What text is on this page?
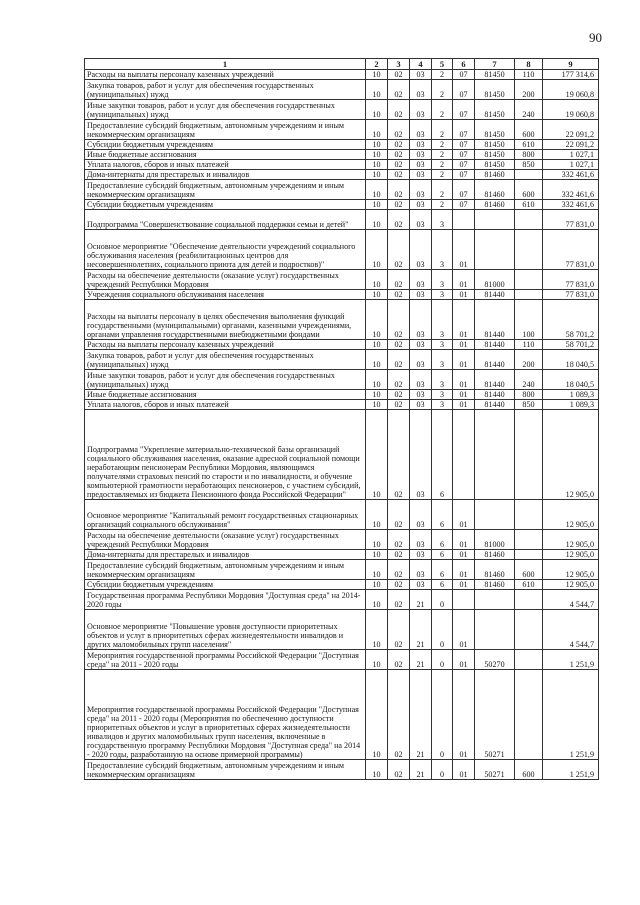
90
1	2	3	4	5	6	7	8	9
Расходы на выплаты персоналу казенных учреждений	10	02	03	2	07	81450	110	177 314,6
Закупка товаров, работ и услуг для обеспечения государственных (муниципальных) нужд	10	02	03	2	07	81450	200	19 060,8
Иные закупки товаров, работ и услуг для обеспечения государственных (муниципальных) нужд	10	02	03	2	07	81450	240	19 060,8
Предоставление субсидий бюджетным, автономным учреждениям и иным некоммерческим организациям	10	02	03	2	07	81450	600	22 091,2
Субсидии бюджетным учреждениям	10	02	03	2	07	81450	610	22 091,2
Иные бюджетные ассигнования	10	02	03	2	07	81450	800	1 027,1
Уплата налогов, сборов и иных платежей	10	02	03	2	07	81450	850	1 027,1
Дома-интернаты для престарелых и инвалидов	10	02	03	2	07	81460		332 461,6
Предоставление субсидий бюджетным, автономным учреждениям и иным некоммерческим организациям	10	02	03	2	07	81460	600	332 461,6
Субсидии бюджетным учреждениям	10	02	03	2	07	81460	610	332 461,6
Подпрограмма "Совершенствование социальной поддержки семьи и детей"	10	02	03	3				77 831,0
Основное мероприятие "Обеспечение деятельности учреждений социального обслуживания населения (реабилитационных центров для несовершеннолетних, социального приюта для детей и подростков)"	10	02	03	3	01			77 831,0
Расходы на обеспечение деятельности (оказание услуг) государственных учреждений Республики Мордовия	10	02	03	3	01	81000		77 831,0
Учреждения социального обслуживания населения	10	02	03	3	01	81440		77 831,0
Расходы на выплаты персоналу в целях обеспечения выполнения функций государственными (муниципальными) органами, казенными учреждениями, органами управления государственными внебюджетными фондами	10	02	03	3	01	81440	100	58 701,2
Расходы на выплаты персоналу казенных учреждений	10	02	03	3	01	81440	110	58 701,2
Закупка товаров, работ и услуг для обеспечения государственных (муниципальных) нужд	10	02	03	3	01	81440	200	18 040,5
Иные закупки товаров, работ и услуг для обеспечения государственных (муниципальных) нужд	10	02	03	3	01	81440	240	18 040,5
Иные бюджетные ассигнования	10	02	03	3	01	81440	800	1 089,3
Уплата налогов, сборов и иных платежей	10	02	03	3	01	81440	850	1 089,3
Подпрограмма "Укрепление материально-технической базы организаций социального обслуживания населения, оказание адресной социальной помощи неработающим пенсионерам Республики Мордовия, являющимся получателями страховых пенсий по старости и по инвалидности, и обучение компьютерной грамотности неработающих пенсионеров, с участием субсидий, предоставляемых из бюджета Пенсионного фонда Российской Федерации"	10	02	03	6				12 905,0
Основное мероприятие "Капитальный ремонт государственных стационарных организаций социального обслуживания"	10	02	03	6	01			12 905,0
Расходы на обеспечение деятельности (оказание услуг) государственных учреждений Республики Мордовия	10	02	03	6	01	81000		12 905,0
Дома-интернаты для престарелых и инвалидов	10	02	03	6	01	81460		12 905,0
Предоставление субсидий бюджетным, автономным учреждениям и иным некоммерческим организациям	10	02	03	6	01	81460	600	12 905,0
Субсидии бюджетным учреждениям	10	02	03	6	01	81460	610	12 905,0
Государственная программа Республики Мордовия "Доступная среда" на 2014-2020 годы	10	02	21	0				4 544,7
Основное мероприятие "Повышение уровня доступности приоритетных объектов и услуг в приоритетных сферах жизнедеятельности инвалидов и других маломобильных групп населения"	10	02	21	0	01			4 544,7
Мероприятия государственной программы Российской Федерации "Доступная среда" на 2011 - 2020 годы	10	02	21	0	01	50270		1 251,9
Мероприятия государственной программы Российской Федерации "Доступная среда" на 2011 - 2020 годы (Мероприятия по обеспечению доступности приоритетных объектов и услуг в приоритетных сферах жизнедеятельности инвалидов и других маломобильных групп населения, включенные в государственную программу Республики Мордовия "Доступная среда" на 2014 - 2020 годы, разработанную на основе примерной программы)	10	02	21	0	01	50271		1 251,9
Предоставление субсидий бюджетным, автономным учреждениям и иным некоммерческим организациям	10	02	21	0	01	50271	600	1 251,9
